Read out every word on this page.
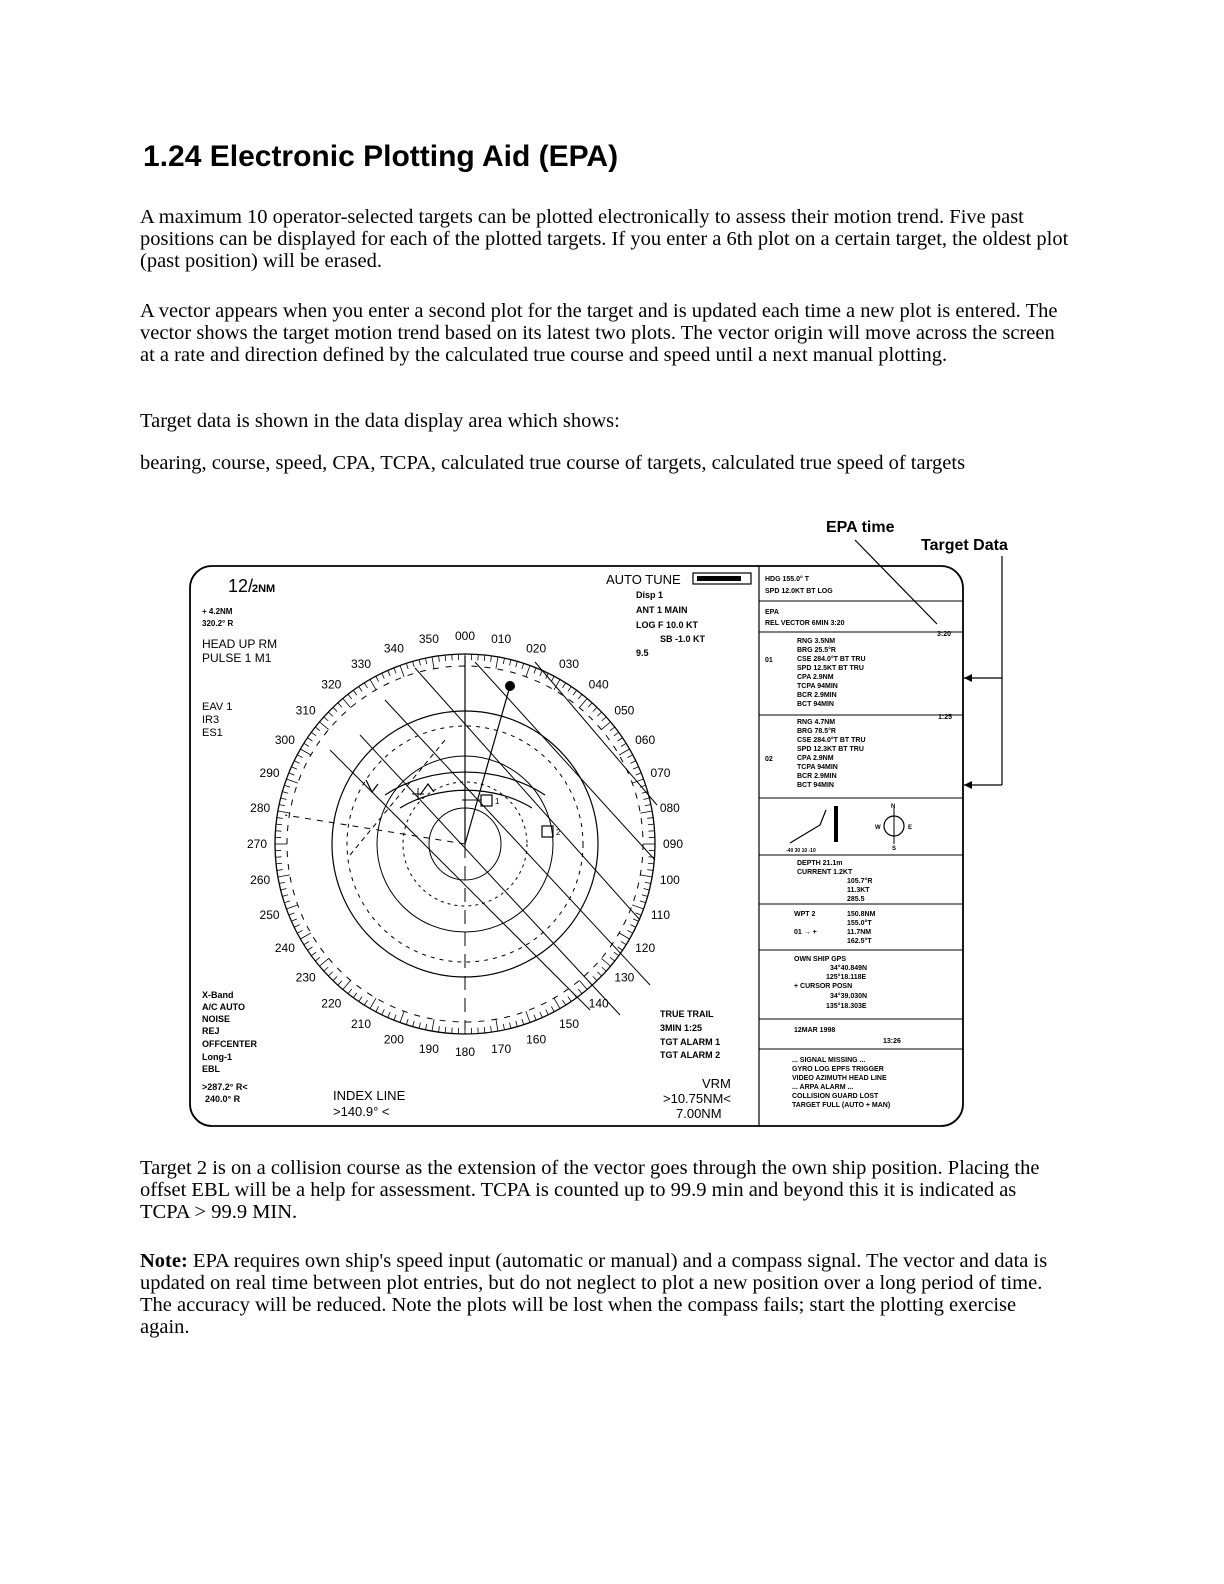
1.24 Electronic Plotting Aid (EPA)

A maximum 10 operator-selected targets can be plotted electronically to assess their motion trend. Five past positions can be displayed for each of the plotted targets. If you enter a 6th plot on a certain target, the oldest plot (past position) will be erased.

A vector appears when you enter a second plot for the target and is updated each time a new plot is entered. The vector shows the target motion trend based on its latest two plots. The vector origin will move across the screen at a rate and direction defined by the calculated true course and speed until a next manual plotting.

Target data is shown in the data display area which shows:

bearing, course, speed, CPA, TCPA, calculated true course of targets, calculated true speed of targets

EPA time
Target Data
1
2
000 010
020
030
040
050
060
070
080
090
100
110
120
130
140
150
160
170
180
190
200
210
220
230
240
250
260
270
280
290
300
310
320
330
340
350
12/
2NM
+ 4.2NM
320.2° R
HEAD UP RM
PULSE 1 M1
EAV 1
IR3
ES1
X-Band
A/C AUTO
NOISE
REJ
OFFCENTER
Long-1
EBL
>287.2° R<
240.0° R	INDEX LINE
>140.9° <
AUTO TUNE
Disp 1
ANT 1 MAIN
LOG F 10.0 KT
SB -1.0 KT
9.5
TRUE TRAIL
3MIN 1:25
TGT ALARM 1
TGT ALARM 2
VRM
>10.75NM<
7.00NM
HDG 155.0° T
SPD 12.0KT BT LOG
EPA
REL VECTOR 6MIN 3:20
3:20
1:25
01
RNG 3.5NM
BRG 25.5°R
CSE 284.0°T BT TRU
SPD 12.5KT BT TRU
CPA 2.9NM
TCPA 94MIN
BCR 2.9MIN
BCT 94MIN
02
RNG 4.7NM
BRG 78.5°R
CSE 284.0°T BT TRU
SPD 12.3KT BT TRU
CPA 2.9NM
TCPA 94MIN
BCR 2.9MIN
BCT 94MIN
-40 30 10 -10
N
W	E
S
DEPTH 21.1m
CURRENT 1.2KT
105.7°R
11.3KT
285.5
WPT 2	150.8NM
155.0°T
01 → +	11.7NM
162.5°T
OWN SHIP GPS
34°40.849N
125°18.118E
+ CURSOR POSN
34°39.030N
135°18.303E
12MAR 1998
13:26
... SIGNAL MISSING ...
GYRO LOG EPFS TRIGGER
VIDEO AZIMUTH HEAD LINE
... ARPA ALARM ...
COLLISION GUARD LOST
TARGET FULL (AUTO + MAN)

Target 2 is on a collision course as the extension of the vector goes through the own ship position. Placing the offset EBL will be a help for assessment. TCPA is counted up to 99.9 min and beyond this it is indicated as TCPA > 99.9 MIN.

Note: EPA requires own ship's speed input (automatic or manual) and a compass signal. The vector and data is updated on real time between plot entries, but do not neglect to plot a new position over a long period of time. The accuracy will be reduced. Note the plots will be lost when the compass fails; start the plotting exercise again.
